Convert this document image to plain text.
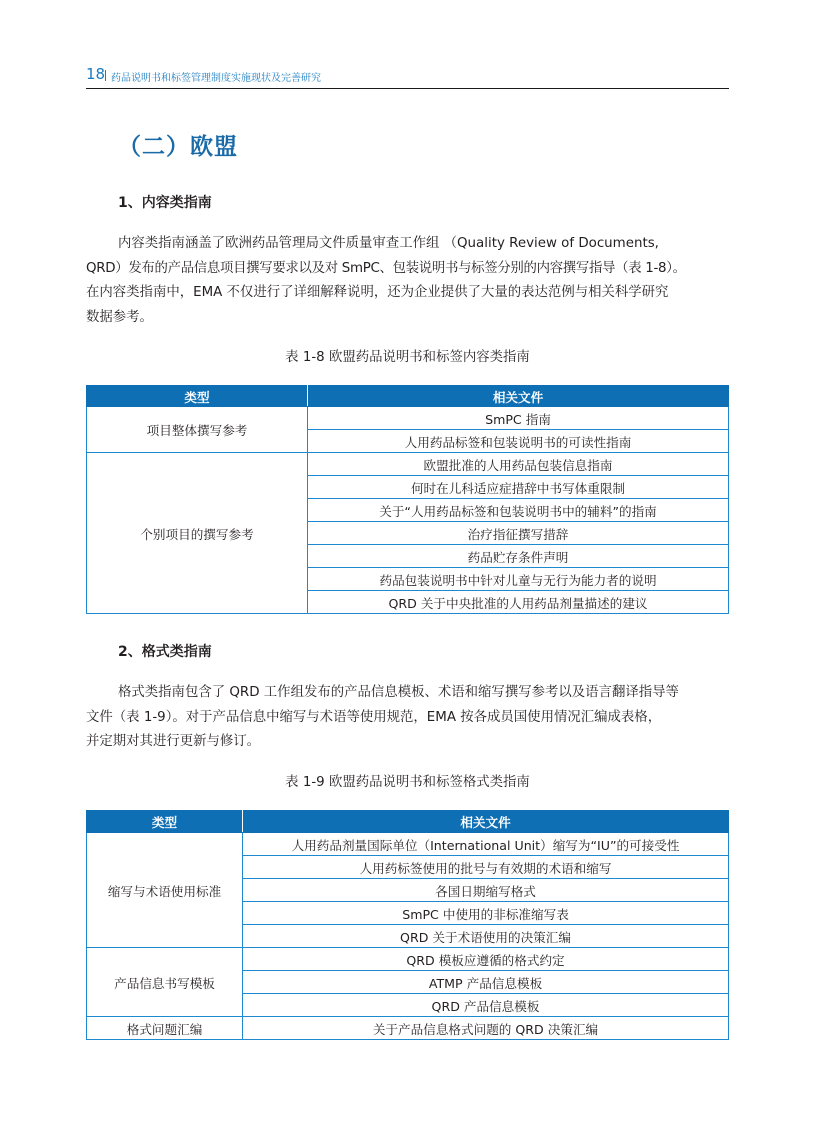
18 药品说明书和标签管理制度实施现状及完善研究
（二）欧盟
1、内容类指南

内容类指南涵盖了欧洲药品管理局文件质量审查工作组 （Quality Review of Documents,
QRD）发布的产品信息项目撰写要求以及对 SmPC、包装说明书与标签分别的内容撰写指导（表 1-8）。
在内容类指南中，EMA 不仅进行了详细解释说明，还为企业提供了大量的表达范例与相关科学研究
数据参考。

表 1-8 欧盟药品说明书和标签内容类指南
类型	相关文件
项目整体撰写参考	SmPC 指南
	人用药品标签和包装说明书的可读性指南
个别项目的撰写参考	欧盟批准的人用药品包装信息指南
	何时在儿科适应症措辞中书写体重限制
	关于“人用药品标签和包装说明书中的辅料”的指南
	治疗指征撰写措辞
	药品贮存条件声明
	药品包装说明书中针对儿童与无行为能力者的说明
	QRD 关于中央批准的人用药品剂量描述的建议
2、格式类指南

格式类指南包含了 QRD 工作组发布的产品信息模板、术语和缩写撰写参考以及语言翻译指导等
文件（表 1-9）。对于产品信息中缩写与术语等使用规范，EMA 按各成员国使用情况汇编成表格，
并定期对其进行更新与修订。

表 1-9 欧盟药品说明书和标签格式类指南
类型	相关文件
缩写与术语使用标准	人用药品剂量国际单位（International Unit）缩写为“IU”的可接受性
	人用药标签使用的批号与有效期的术语和缩写
	各国日期缩写格式
	SmPC 中使用的非标准缩写表
	QRD 关于术语使用的决策汇编
产品信息书写模板	QRD 模板应遵循的格式约定
	ATMP 产品信息模板
	QRD 产品信息模板
格式问题汇编	关于产品信息格式问题的 QRD 决策汇编
